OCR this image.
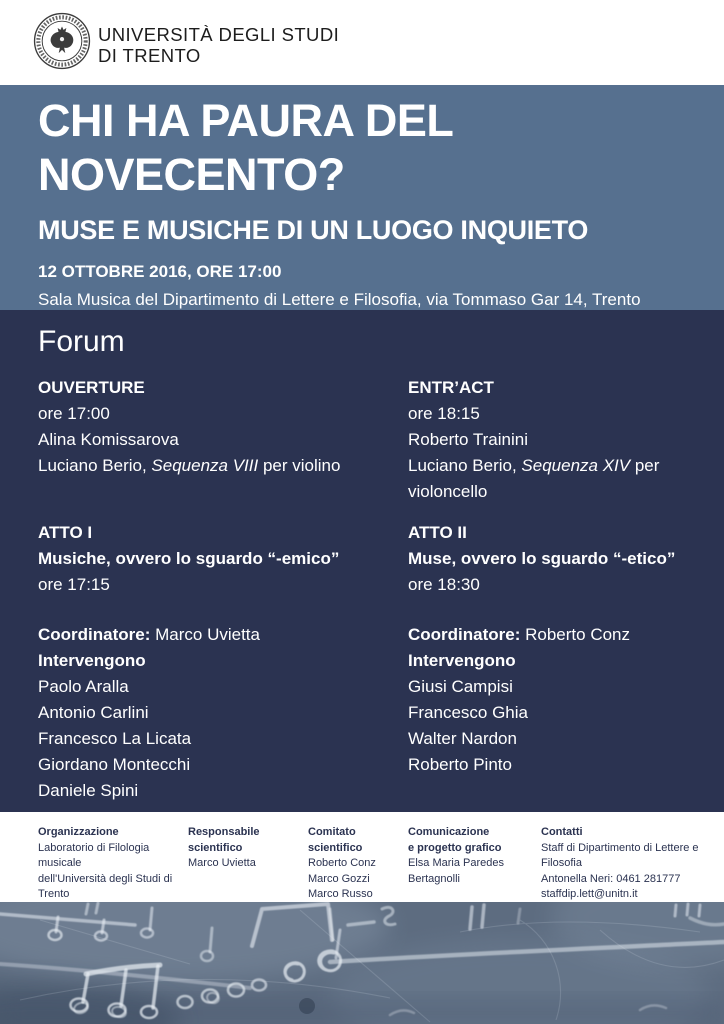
UNIVERSITÀ DEGLI STUDI
DI TRENTO
CHI HA PAURA DEL
NOVECENTO?
MUSE E MUSICHE DI UN LUOGO INQUIETO
12 OTTOBRE 2016, ORE 17:00
Sala Musica del Dipartimento di Lettere e Filosofia, via Tommaso Gar 14, Trento
Forum
OUVERTURE
ore 17:00
Alina Komissarova
Luciano Berio, Sequenza VIII per violino
ENTR’ACT
ore 18:15
Roberto Trainini
Luciano Berio, Sequenza XIV per violoncello
ATTO I
Musiche, ovvero lo sguardo “-emico”
ore 17:15
Coordinatore: Marco Uvietta
Intervengono
Paolo Aralla
Antonio Carlini
Francesco La Licata
Giordano Montecchi
Daniele Spini
ATTO II
Muse, ovvero lo sguardo “-etico”
ore 18:30
Coordinatore: Roberto Conz
Intervengono
Giusi Campisi
Francesco Ghia
Walter Nardon
Roberto Pinto
Organizzazione
Laboratorio di Filologia musicale
dell'Università degli Studi di Trento
Responsabile scientifico
Marco Uvietta
Comitato scientifico
Roberto Conz
Marco Gozzi
Marco Russo
Comunicazione
e progetto grafico
Elsa Maria Paredes Bertagnolli
Contatti
Staff di Dipartimento di Lettere e Filosofia
Antonella Neri: 0461 281777
staffdip.lett@unitn.it
